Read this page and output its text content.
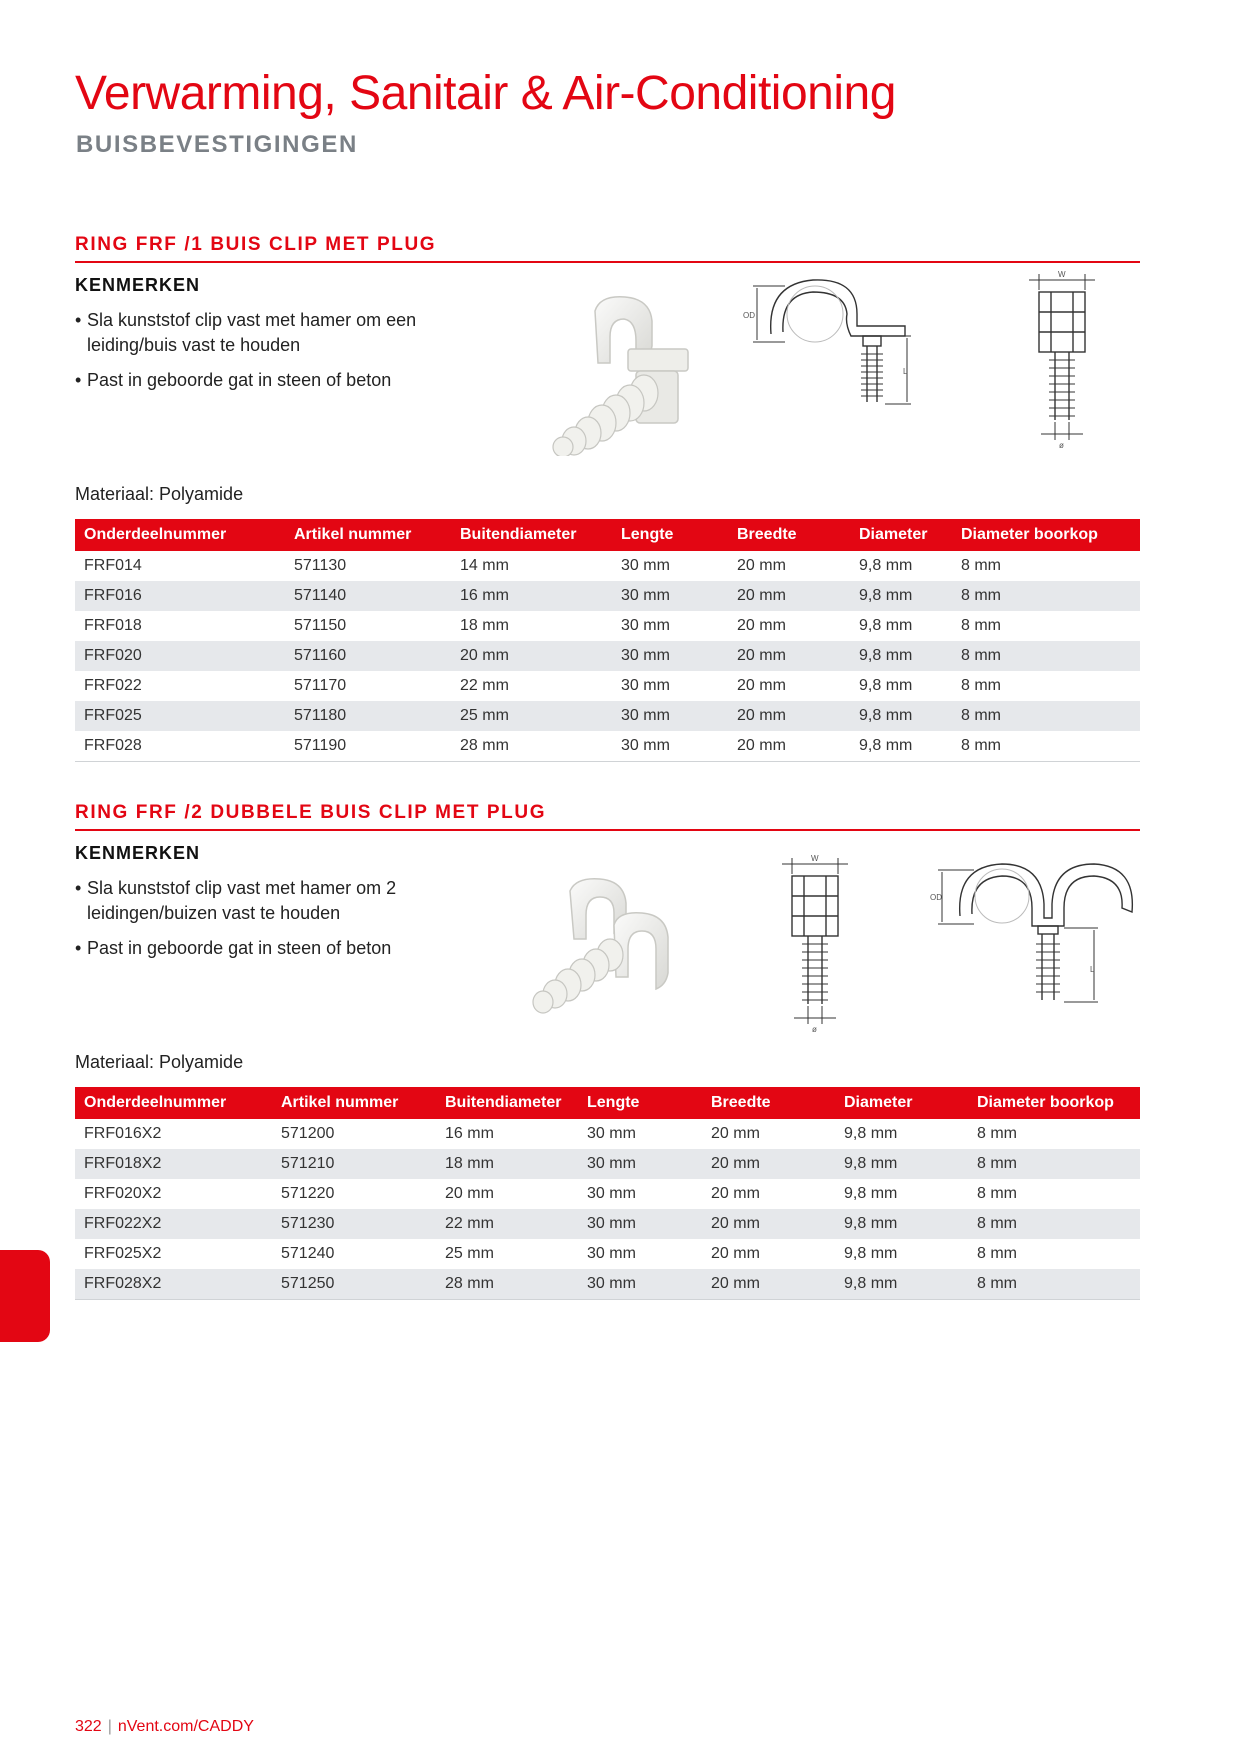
Verwarming, Sanitair & Air-Conditioning
BUISBEVESTIGINGEN
RING FRF /1 BUIS CLIP MET PLUG
KENMERKEN
• Sla kunststof clip vast met hamer om een leiding/buis vast te houden
• Past in geboorde gat in steen of beton
OD
L
W
ø
Materiaal: Polyamide
Onderdeelnummer	Artikel nummer	Buitendiameter	Lengte	Breedte	Diameter	Diameter boorkop
FRF014	571130	14 mm	30 mm	20 mm	9,8 mm	8 mm
FRF016	571140	16 mm	30 mm	20 mm	9,8 mm	8 mm
FRF018	571150	18 mm	30 mm	20 mm	9,8 mm	8 mm
FRF020	571160	20 mm	30 mm	20 mm	9,8 mm	8 mm
FRF022	571170	22 mm	30 mm	20 mm	9,8 mm	8 mm
FRF025	571180	25 mm	30 mm	20 mm	9,8 mm	8 mm
FRF028	571190	28 mm	30 mm	20 mm	9,8 mm	8 mm
RING FRF /2 DUBBELE BUIS CLIP MET PLUG
KENMERKEN
• Sla kunststof clip vast met hamer om 2 leidingen/buizen vast te houden
• Past in geboorde gat in steen of beton
W
ø
OD
L
Materiaal: Polyamide
Onderdeelnummer	Artikel nummer	Buitendiameter	Lengte	Breedte	Diameter	Diameter boorkop
FRF016X2	571200	16 mm	30 mm	20 mm	9,8 mm	8 mm
FRF018X2	571210	18 mm	30 mm	20 mm	9,8 mm	8 mm
FRF020X2	571220	20 mm	30 mm	20 mm	9,8 mm	8 mm
FRF022X2	571230	22 mm	30 mm	20 mm	9,8 mm	8 mm
FRF025X2	571240	25 mm	30 mm	20 mm	9,8 mm	8 mm
FRF028X2	571250	28 mm	30 mm	20 mm	9,8 mm	8 mm
322 | nVent.com/CADDY
